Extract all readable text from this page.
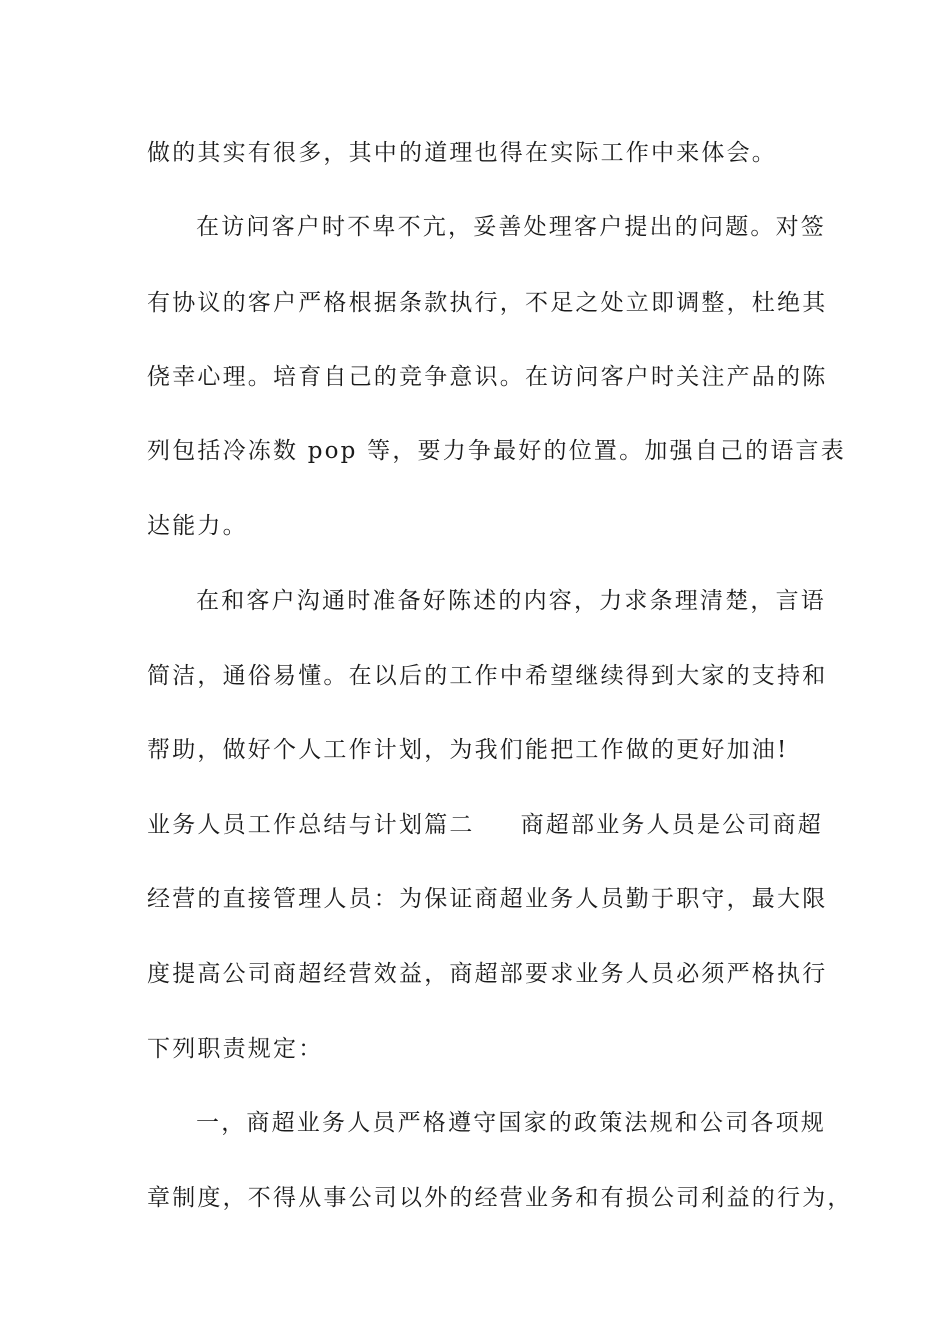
做的其实有很多，其中的道理也得在实际工作中来体会。
在访问客户时不卑不亢，妥善处理客户提出的问题。对签
有协议的客户严格根据条款执行，不足之处立即调整，杜绝其
侥幸心理。培育自己的竞争意识。在访问客户时关注产品的陈
列包括冷冻数 pop 等，要力争最好的位置。加强自己的语言表
达能力。
在和客户沟通时准备好陈述的内容，力求条理清楚，言语
简洁，通俗易懂。在以后的工作中希望继续得到大家的支持和
帮助，做好个人工作计划，为我们能把工作做的更好加油!
业务人员工作总结与计划篇二 商超部业务人员是公司商超
经营的直接管理人员：为保证商超业务人员勤于职守，最大限
度提高公司商超经营效益，商超部要求业务人员必须严格执行
下列职责规定：
一，商超业务人员严格遵守国家的政策法规和公司各项规
章制度，不得从事公司以外的经营业务和有损公司利益的行为，
